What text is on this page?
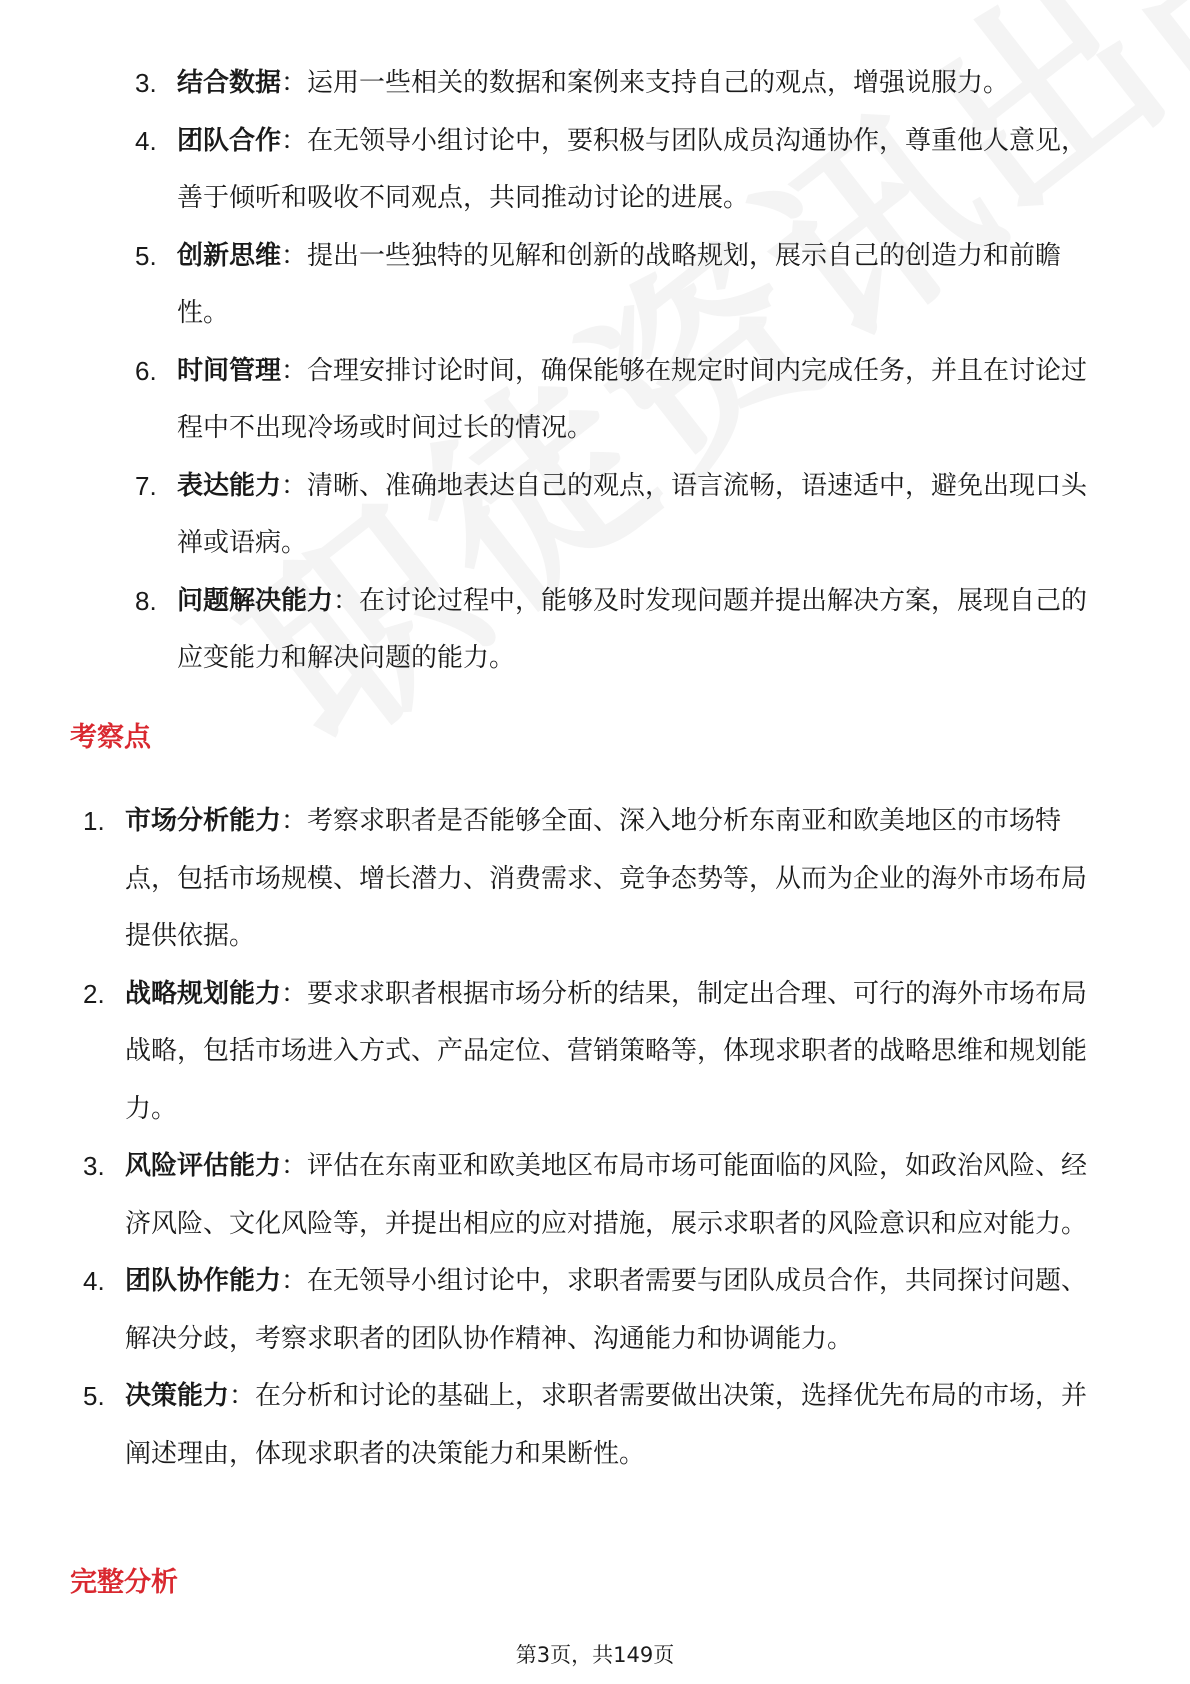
3. 结合数据：运用一些相关的数据和案例来支持自己的观点，增强说服力。
4. 团队合作：在无领导小组讨论中，要积极与团队成员沟通协作，尊重他人意见，善于倾听和吸收不同观点，共同推动讨论的进展。
5. 创新思维：提出一些独特的见解和创新的战略规划，展示自己的创造力和前瞻性。
6. 时间管理：合理安排讨论时间，确保能够在规定时间内完成任务，并且在讨论过程中不出现冷场或时间过长的情况。
7. 表达能力：清晰、准确地表达自己的观点，语言流畅，语速适中，避免出现口头禅或语病。
8. 问题解决能力：在讨论过程中，能够及时发现问题并提出解决方案，展现自己的应变能力和解决问题的能力。
考察点
1. 市场分析能力：考察求职者是否能够全面、深入地分析东南亚和欧美地区的市场特点，包括市场规模、增长潜力、消费需求、竞争态势等，从而为企业的海外市场布局提供依据。
2. 战略规划能力：要求求职者根据市场分析的结果，制定出合理、可行的海外市场布局战略，包括市场进入方式、产品定位、营销策略等，体现求职者的战略思维和规划能力。
3. 风险评估能力：评估在东南亚和欧美地区布局市场可能面临的风险，如政治风险、经济风险、文化风险等，并提出相应的应对措施，展示求职者的风险意识和应对能力。
4. 团队协作能力：在无领导小组讨论中，求职者需要与团队成员合作，共同探讨问题、解决分歧，考察求职者的团队协作精神、沟通能力和协调能力。
5. 决策能力：在分析和讨论的基础上，求职者需要做出决策，选择优先布局的市场，并阐述理由，体现求职者的决策能力和果断性。
完整分析
第3页，共149页
